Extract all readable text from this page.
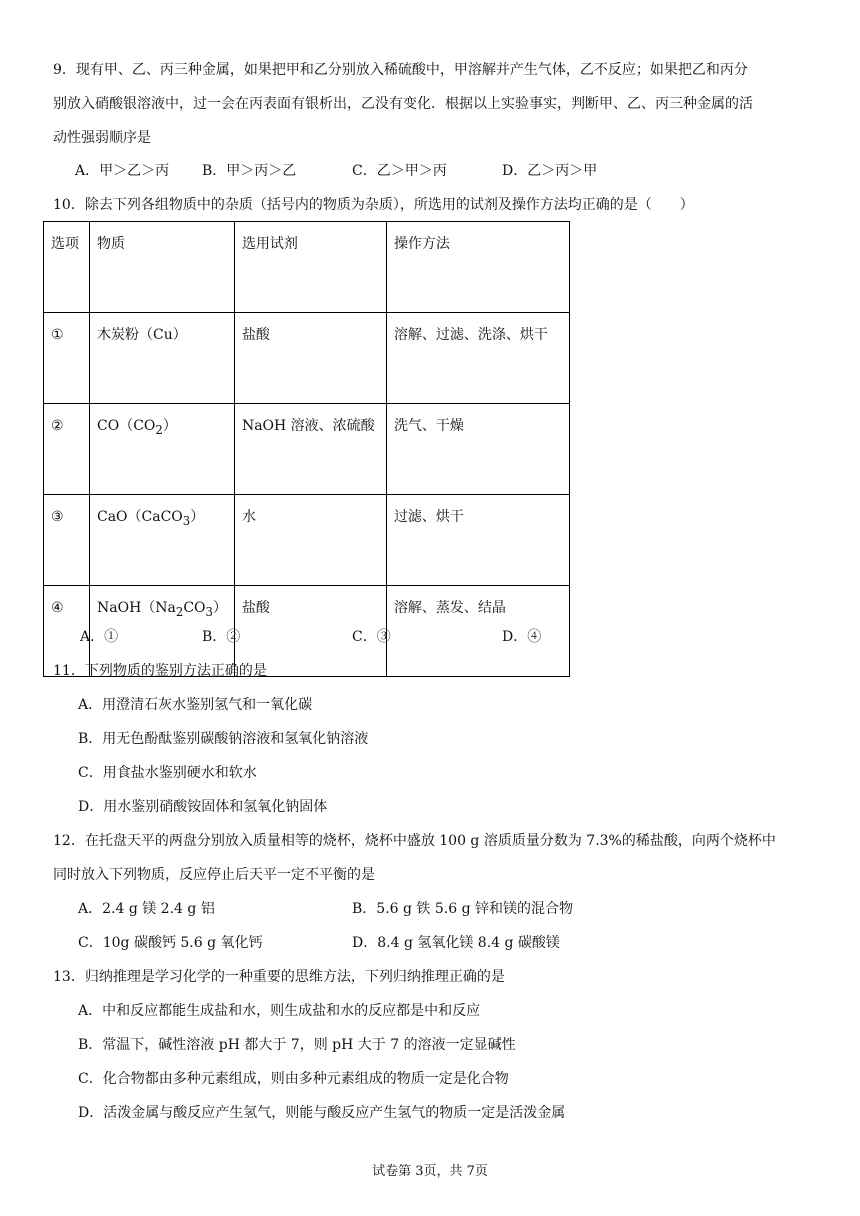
9．现有甲、乙、丙三种金属，如果把甲和乙分别放入稀硫酸中，甲溶解并产生气体，乙不反应；如果把乙和丙分
别放入硝酸银溶液中，过一会在丙表面有银析出，乙没有变化．根据以上实验事实，判断甲、乙、丙三种金属的活
动性强弱顺序是
A．甲＞乙＞丙 B．甲＞丙＞乙	C．乙＞甲＞丙	D．乙＞丙＞甲
10．除去下列各组物质中的杂质（括号内的物质为杂质），所选用的试剂及操作方法均正确的是（　　）
选项	物质	选用试剂	操作方法
①	木炭粉（Cu）	盐酸	溶解、过滤、洗涤、烘干
②	$CO(CO_2)$	NaOH 溶液、浓硫酸	洗气、干燥
③	CaO（CaCO$_3$）	水	过滤、烘干
④	$NaOH(Na_2CO_3)$	盐酸	溶解、蒸发、结晶
A．①	B．②	C．③	D．④
11．下列物质的鉴别方法正确的是
A．用澄清石灰水鉴别氢气和一氧化碳
B．用无色酚酞鉴别碳酸钠溶液和氢氧化钠溶液
C．用食盐水鉴别硬水和软水
D．用水鉴别硝酸铵固体和氢氧化钠固体
12．在托盘天平的两盘分别放入质量相等的烧杯，烧杯中盛放 100 g 溶质质量分数为 7.3%的稀盐酸，向两个烧杯中
同时放入下列物质，反应停止后天平一定不平衡的是
A．2.4 g 镁 2.4 g 铝	B．5.6 g 铁 5.6 g 锌和镁的混合物
C．10g 碳酸钙 5.6 g 氧化钙	D．8.4 g 氢氧化镁 8.4 g 碳酸镁
13．归纳推理是学习化学的一种重要的思维方法，下列归纳推理正确的是
A．中和反应都能生成盐和水，则生成盐和水的反应都是中和反应
B．常温下，碱性溶液 pH 都大于 7，则 pH 大于 7 的溶液一定显碱性
C．化合物都由多种元素组成，则由多种元素组成的物质一定是化合物
D．活泼金属与酸反应产生氢气，则能与酸反应产生氢气的物质一定是活泼金属
试卷第 3页，共 7页
